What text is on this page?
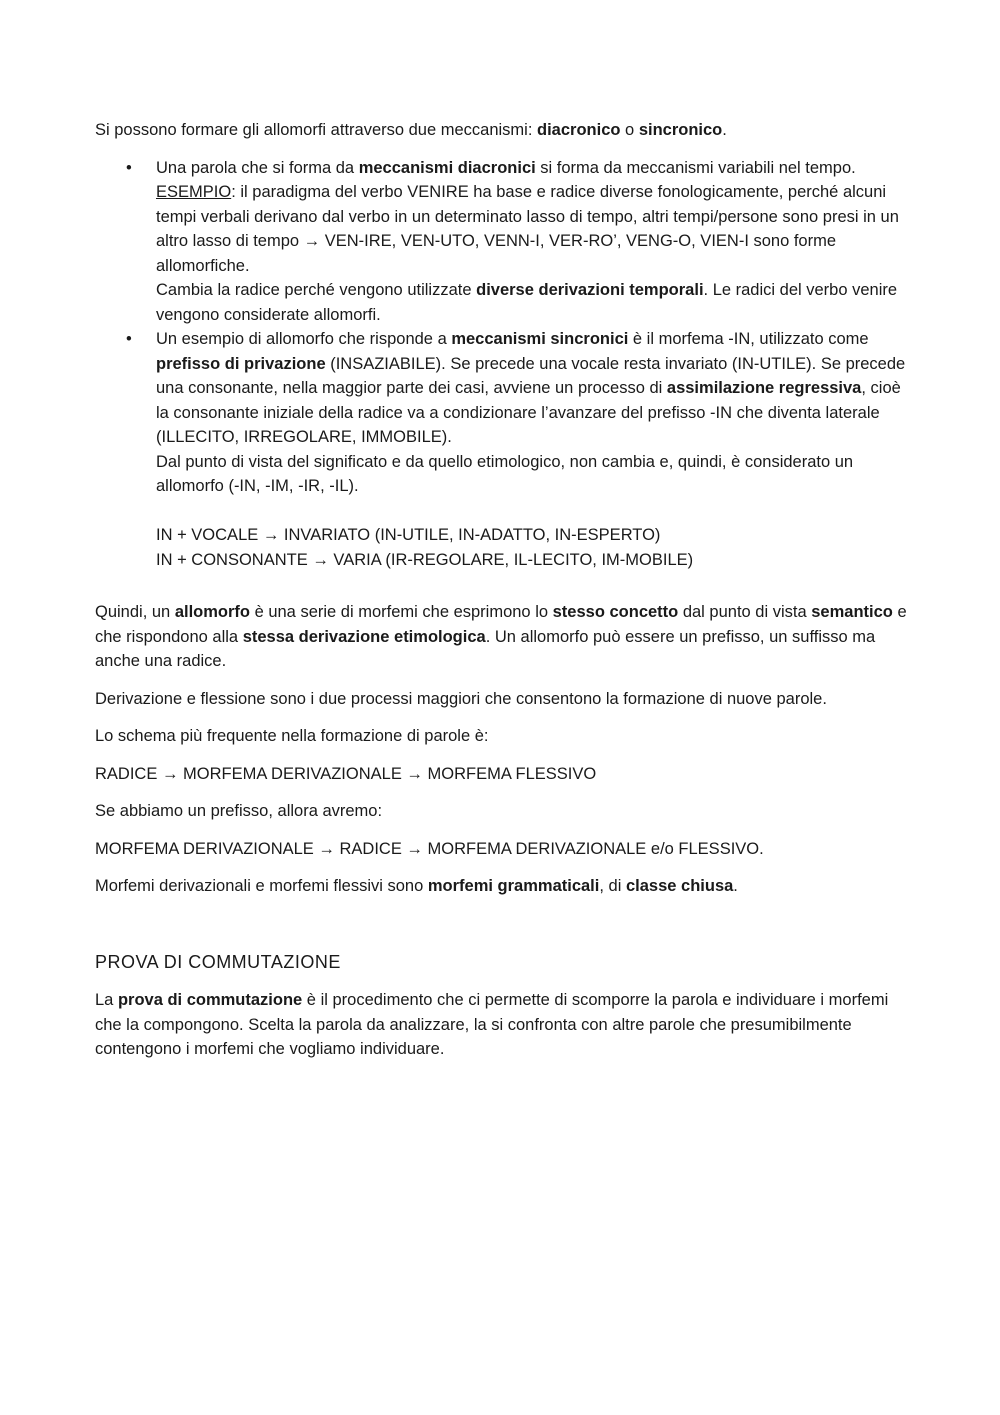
Si possono formare gli allomorfi attraverso due meccanismi: diacronico o sincronico.

• Una parola che si forma da meccanismi diacronici si forma da meccanismi variabili nel tempo.
ESEMPIO: il paradigma del verbo VENIRE ha base e radice diverse fonologicamente, perché alcuni tempi verbali derivano dal verbo in un determinato lasso di tempo, altri tempi/persone sono presi in un altro lasso di tempo → VEN-IRE, VEN-UTO, VENN-I, VER-RO’, VENG-O, VIEN-I sono forme allomorfiche.
Cambia la radice perché vengono utilizzate diverse derivazioni temporali. Le radici del verbo venire vengono considerate allomorfi.
• Un esempio di allomorfo che risponde a meccanismi sincronici è il morfema -IN, utilizzato come prefisso di privazione (INSAZIABILE). Se precede una vocale resta invariato (IN-UTILE). Se precede una consonante, nella maggior parte dei casi, avviene un processo di assimilazione regressiva, cioè la consonante iniziale della radice va a condizionare l’avanzare del prefisso -IN che diventa laterale (ILLECITO, IRREGOLARE, IMMOBILE).
Dal punto di vista del significato e da quello etimologico, non cambia e, quindi, è considerato un allomorfo (-IN, -IM, -IR, -IL).
IN + VOCALE → INVARIATO (IN-UTILE, IN-ADATTO, IN-ESPERTO)
IN + CONSONANTE → VARIA (IR-REGOLARE, IL-LECITO, IM-MOBILE)

Quindi, un allomorfo è una serie di morfemi che esprimono lo stesso concetto dal punto di vista semantico e che rispondono alla stessa derivazione etimologica. Un allomorfo può essere un prefisso, un suffisso ma anche una radice.

Derivazione e flessione sono i due processi maggiori che consentono la formazione di nuove parole.

Lo schema più frequente nella formazione di parole è:

RADICE → MORFEMA DERIVAZIONALE → MORFEMA FLESSIVO

Se abbiamo un prefisso, allora avremo:

MORFEMA DERIVAZIONALE → RADICE → MORFEMA DERIVAZIONALE e/o FLESSIVO.

Morfemi derivazionali e morfemi flessivi sono morfemi grammaticali, di classe chiusa.

PROVA DI COMMUTAZIONE

La prova di commutazione è il procedimento che ci permette di scomporre la parola e individuare i morfemi che la compongono. Scelta la parola da analizzare, la si confronta con altre parole che presumibilmente contengono i morfemi che vogliamo individuare.
